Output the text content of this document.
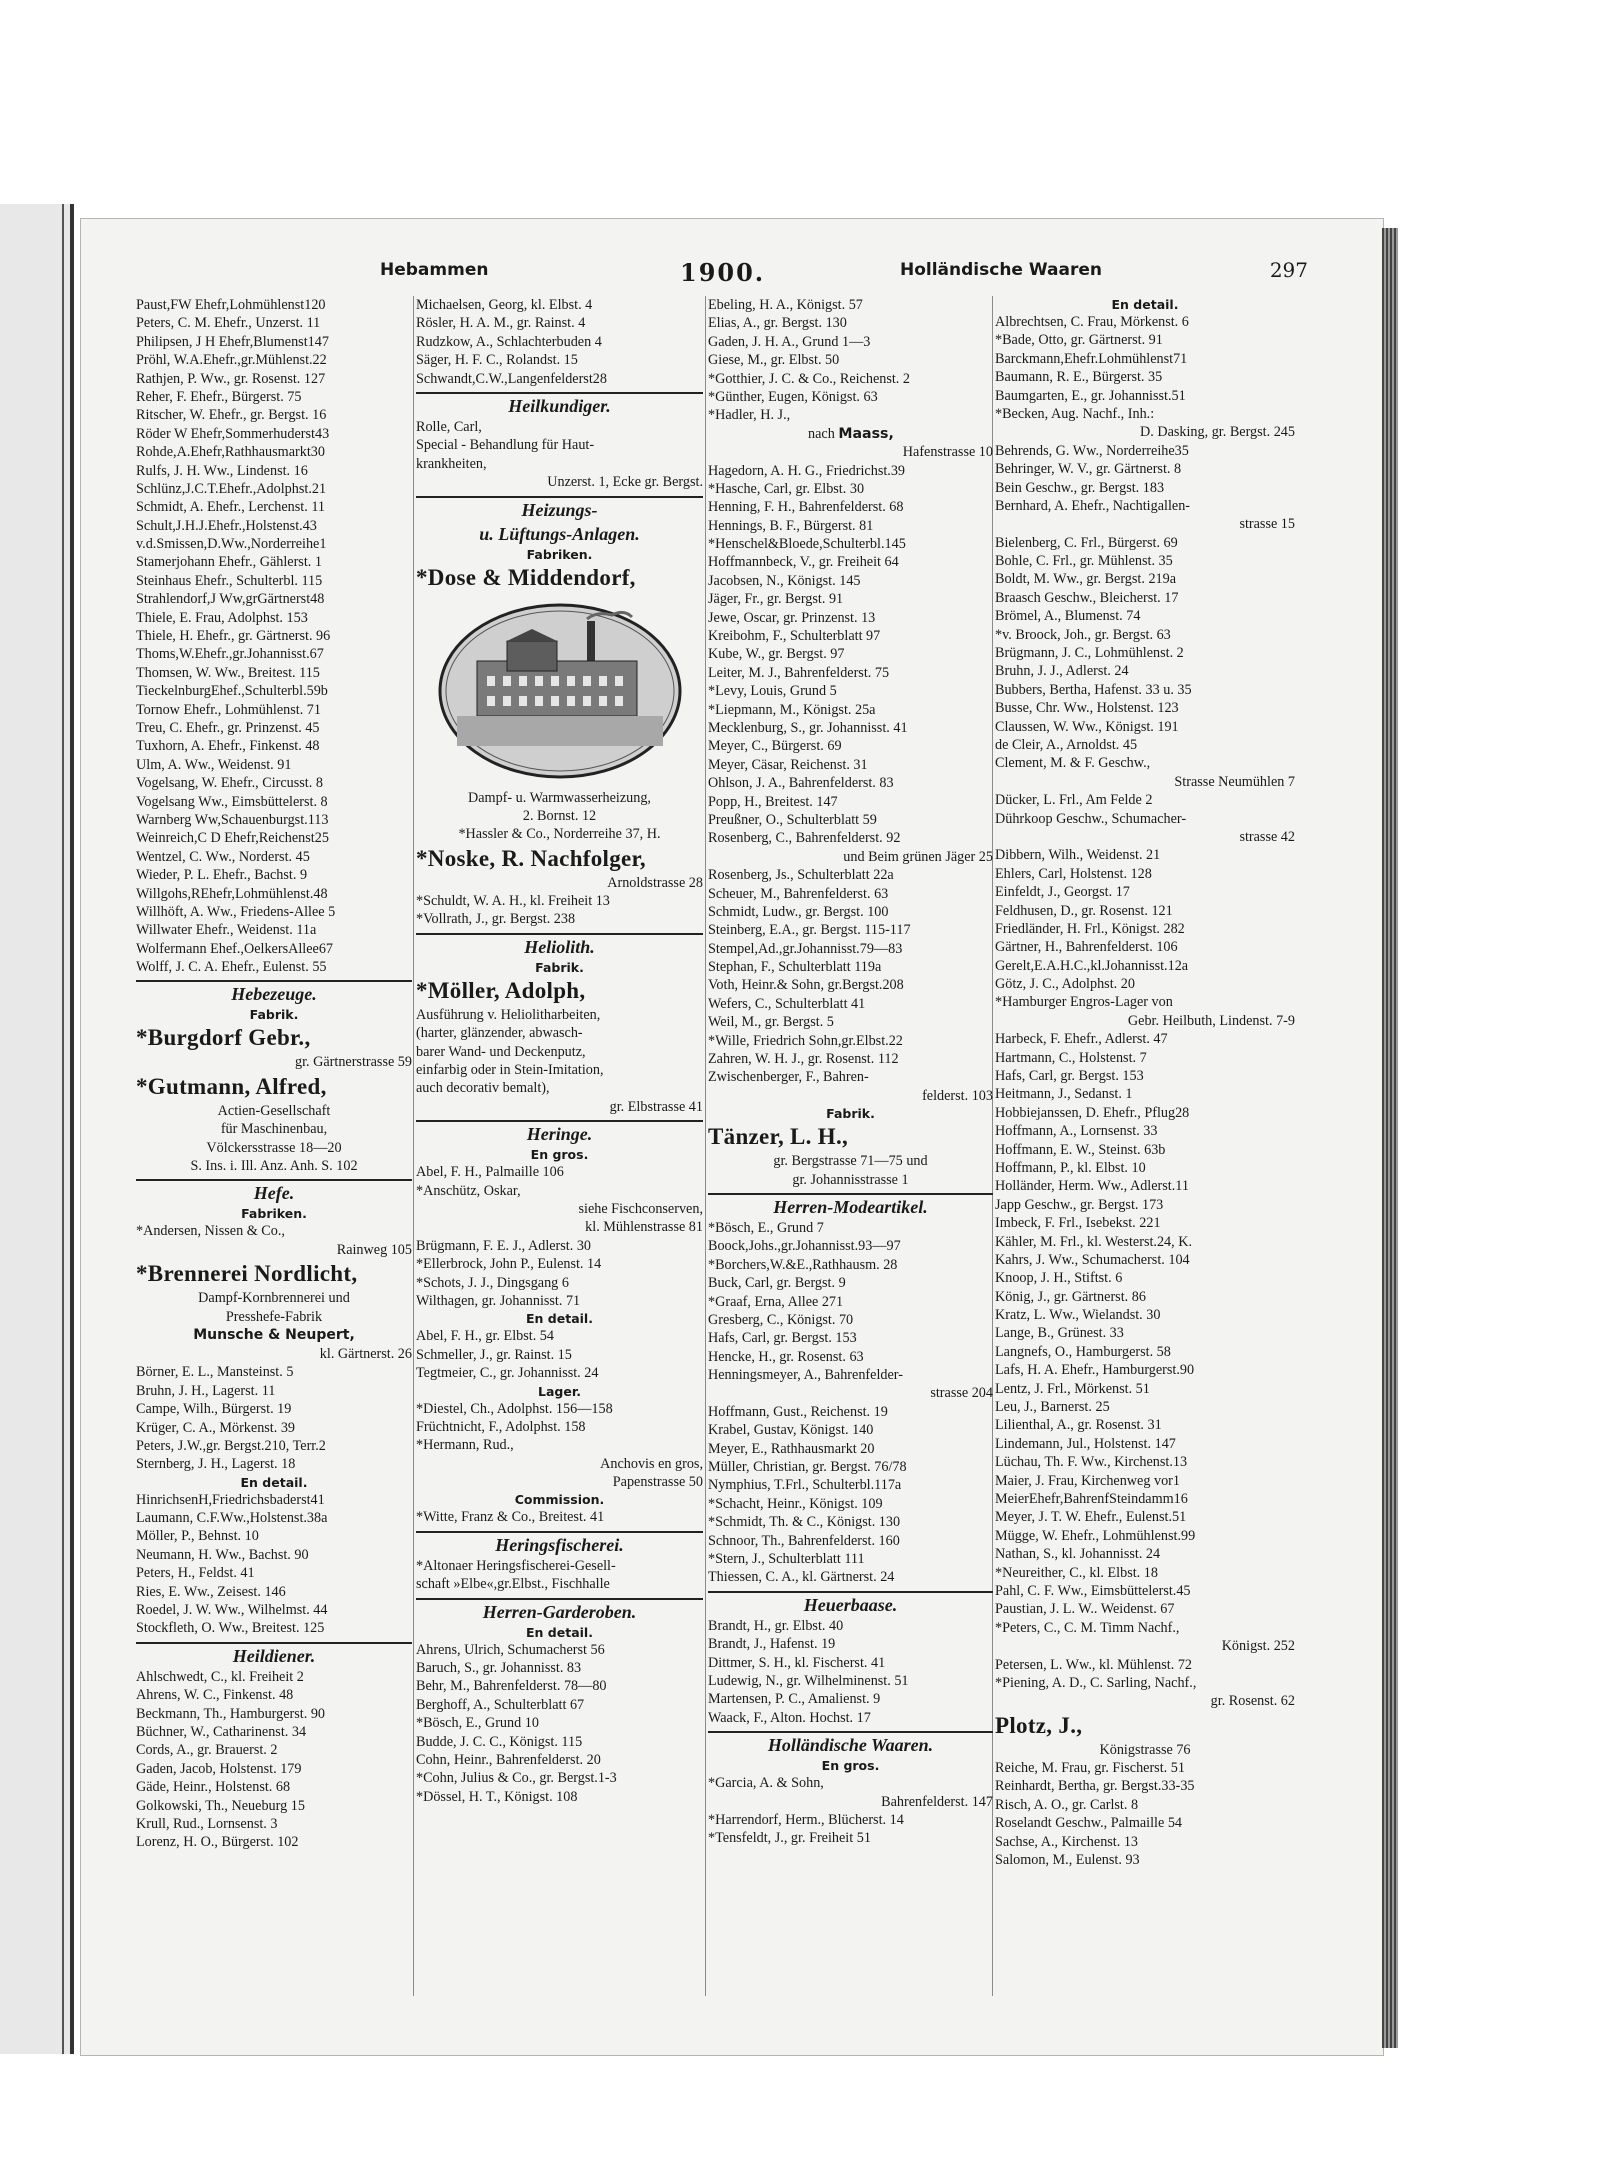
Hebammen	1900.	Holländische Waaren	297
Paust,FW Ehefr,Lohmühlenst120
Peters, C. M. Ehefr., Unzerst. 11
Philipsen, J H Ehefr,Blumenst147
Pröhl, W.A.Ehefr.,gr.Mühlenst.22
Rathjen, P. Ww., gr. Rosenst. 127
Reher, F. Ehefr., Bürgerst. 75
Ritscher, W. Ehefr., gr. Bergst. 16
Röder W Ehefr,Sommerhuderst43
Rohde,A.Ehefr,Rathhausmarkt30
Rulfs, J. H. Ww., Lindenst. 16
Schlünz,J.C.T.Ehefr.,Adolphst.21
Schmidt, A. Ehefr., Lerchenst. 11
Schult,J.H.J.Ehefr.,Holstenst.43
v.d.Smissen,D.Ww.,Norderreihe1
Stamerjohann Ehefr., Gählerst. 1
Steinhaus Ehefr., Schulterbl. 115
Strahlendorf,J Ww,grGärtnerst48
Thiele, E. Frau, Adolphst. 153
Thiele, H. Ehefr., gr. Gärtnerst. 96
Thoms,W.Ehefr.,gr.Johannisst.67
Thomsen, W. Ww., Breitest. 115
TieckelnburgEhef.,Schulterbl.59b
Tornow Ehefr., Lohmühlenst. 71
Treu, C. Ehefr., gr. Prinzenst. 45
Tuxhorn, A. Ehefr., Finkenst. 48
Ulm, A. Ww., Weidenst. 91
Vogelsang, W. Ehefr., Circusst. 8
Vogelsang Ww., Eimsbüttelerst. 8
Warnberg Ww,Schauenburgst.113
Weinreich,C D Ehefr,Reichenst25
Wentzel, C. Ww., Norderst. 45
Wieder, P. L. Ehefr., Bachst. 9
Willgohs,REhefr,Lohmühlenst.48
Willhöft, A. Ww., Friedens-Allee 5
Willwater Ehefr., Weidenst. 11a
Wolfermann Ehef.,OelkersAllee67
Wolff, J. C. A. Ehefr., Eulenst. 55
Hebezeuge.
Fabrik.
*Burgdorf Gebr.,
gr. Gärtnerstrasse 59
*Gutmann, Alfred,
Actien-Gesellschaft
für Maschinenbau,
Völckersstrasse 18—20
S. Ins. i. Ill. Anz. Anh. S. 102
Hefe.
Fabriken.
*Andersen, Nissen & Co.,
Rainweg 105
*Brennerei Nordlicht,
Dampf-Kornbrennerei und
Presshefe-Fabrik
Munsche & Neupert,
kl. Gärtnerst. 26
Börner, E. L., Mansteinst. 5
Bruhn, J. H., Lagerst. 11
Campe, Wilh., Bürgerst. 19
Krüger, C. A., Mörkenst. 39
Peters, J.W.,gr. Bergst.210, Terr.2
Sternberg, J. H., Lagerst. 18
En detail.
HinrichsenH,Friedrichsbaderst41
Laumann, C.F.Ww.,Holstenst.38a
Möller, P., Behnst. 10
Neumann, H. Ww., Bachst. 90
Peters, H., Feldst. 41
Ries, E. Ww., Zeisest. 146
Roedel, J. W. Ww., Wilhelmst. 44
Stockfleth, O. Ww., Breitest. 125
Heildiener.
Ahlschwedt, C., kl. Freiheit 2
Ahrens, W. C., Finkenst. 48
Beckmann, Th., Hamburgerst. 90
Büchner, W., Catharinenst. 34
Cords, A., gr. Brauerst. 2
Gaden, Jacob, Holstenst. 179
Gäde, Heinr., Holstenst. 68
Golkowski, Th., Neueburg 15
Krull, Rud., Lornsenst. 3
Lorenz, H. O., Bürgerst. 102
Michaelsen, Georg, kl. Elbst. 4
Rösler, H. A. M., gr. Rainst. 4
Rudzkow, A., Schlachterbuden 4
Säger, H. F. C., Rolandst. 15
Schwandt,C.W.,Langenfelderst28
Heilkundiger.
Rolle, Carl,
Special - Behandlung für Haut-
krankheiten,
Unzerst. 1, Ecke gr. Bergst.
Heizungs-
u. Lüftungs-Anlagen.
Fabriken.
*Dose & Middendorf,
Dampf- u. Warmwasserheizung,
2. Bornst. 12
*Hassler & Co., Norderreihe 37, H.
*Noske, R. Nachfolger,
Arnoldstrasse 28
*Schuldt, W. A. H., kl. Freiheit 13
*Vollrath, J., gr. Bergst. 238
Heliolith.
Fabrik.
*Möller, Adolph,
Ausführung v. Heliolitharbeiten,
(harter, glänzender, abwasch-
barer Wand- und Deckenputz,
einfarbig oder in Stein-Imitation,
auch decorativ bemalt),
gr. Elbstrasse 41
Heringe.
En gros.
Abel, F. H., Palmaille 106
*Anschütz, Oskar,
siehe Fischconserven,
kl. Mühlenstrasse 81
Brügmann, F. E. J., Adlerst. 30
*Ellerbrock, John P., Eulenst. 14
*Schots, J. J., Dingsgang 6
Wilthagen, gr. Johannisst. 71
En detail.
Abel, F. H., gr. Elbst. 54
Schmeller, J., gr. Rainst. 15
Tegtmeier, C., gr. Johannisst. 24
Lager.
*Diestel, Ch., Adolphst. 156—158
Früchtnicht, F., Adolphst. 158
*Hermann, Rud.,
Anchovis en gros,
Papenstrasse 50
Commission.
*Witte, Franz & Co., Breitest. 41
Heringsfischerei.
*Altonaer Heringsfischerei-Gesell-
schaft »Elbe«,gr.Elbst., Fischhalle
Herren-Garderoben.
En detail.
Ahrens, Ulrich, Schumacherst 56
Baruch, S., gr. Johannisst. 83
Behr, M., Bahrenfelderst. 78—80
Berghoff, A., Schulterblatt 67
*Bösch, E., Grund 10
Budde, J. C. C., Königst. 115
Cohn, Heinr., Bahrenfelderst. 20
*Cohn, Julius & Co., gr. Bergst.1-3
*Dössel, H. T., Königst. 108
Ebeling, H. A., Königst. 57
Elias, A., gr. Bergst. 130
Gaden, J. H. A., Grund 1—3
Giese, M., gr. Elbst. 50
*Gotthier, J. C. & Co., Reichenst. 2
*Günther, Eugen, Königst. 63
*Hadler, H. J.,
nach Maass,
Hafenstrasse 10
Hagedorn, A. H. G., Friedrichst.39
*Hasche, Carl, gr. Elbst. 30
Henning, F. H., Bahrenfelderst. 68
Hennings, B. F., Bürgerst. 81
*Henschel&Bloede,Schulterbl.145
Hoffmannbeck, V., gr. Freiheit 64
Jacobsen, N., Königst. 145
Jäger, Fr., gr. Bergst. 91
Jewe, Oscar, gr. Prinzenst. 13
Kreibohm, F., Schulterblatt 97
Kube, W., gr. Bergst. 97
Leiter, M. J., Bahrenfelderst. 75
*Levy, Louis, Grund 5
*Liepmann, M., Königst. 25a
Mecklenburg, S., gr. Johannisst. 41
Meyer, C., Bürgerst. 69
Meyer, Cäsar, Reichenst. 31
Ohlson, J. A., Bahrenfelderst. 83
Popp, H., Breitest. 147
Preußner, O., Schulterblatt 59
Rosenberg, C., Bahrenfelderst. 92
und Beim grünen Jäger 25
Rosenberg, Js., Schulterblatt 22a
Scheuer, M., Bahrenfelderst. 63
Schmidt, Ludw., gr. Bergst. 100
Steinberg, E.A., gr. Bergst. 115-117
Stempel,Ad.,gr.Johannisst.79—83
Stephan, F., Schulterblatt 119a
Voth, Heinr.& Sohn, gr.Bergst.208
Wefers, C., Schulterblatt 41
Weil, M., gr. Bergst. 5
*Wille, Friedrich Sohn,gr.Elbst.22
Zahren, W. H. J., gr. Rosenst. 112
Zwischenberger, F., Bahren-
felderst. 103
Fabrik.
Tänzer, L. H.,
gr. Bergstrasse 71—75 und
gr. Johannisstrasse 1
Herren-Modeartikel.
*Bösch, E., Grund 7
Boock,Johs.,gr.Johannisst.93—97
*Borchers,W.&E.,Rathhausm. 28
Buck, Carl, gr. Bergst. 9
*Graaf, Erna, Allee 271
Gresberg, C., Königst. 70
Hafs, Carl, gr. Bergst. 153
Hencke, H., gr. Rosenst. 63
Henningsmeyer, A., Bahrenfelder-
strasse 204
Hoffmann, Gust., Reichenst. 19
Krabel, Gustav, Königst. 140
Meyer, E., Rathhausmarkt 20
Müller, Christian, gr. Bergst. 76/78
Nymphius, T.Frl., Schulterbl.117a
*Schacht, Heinr., Königst. 109
*Schmidt, Th. & C., Königst. 130
Schnoor, Th., Bahrenfelderst. 160
*Stern, J., Schulterblatt 111
Thiessen, C. A., kl. Gärtnerst. 24
Heuerbaase.
Brandt, H., gr. Elbst. 40
Brandt, J., Hafenst. 19
Dittmer, S. H., kl. Fischerst. 41
Ludewig, N., gr. Wilhelminenst. 51
Martensen, P. C., Amalienst. 9
Waack, F., Alton. Hochst. 17
Holländische Waaren.
En gros.
*Garcia, A. & Sohn,
Bahrenfelderst. 147
*Harrendorf, Herm., Blücherst. 14
*Tensfeldt, J., gr. Freiheit 51
En detail.
Albrechtsen, C. Frau, Mörkenst. 6
*Bade, Otto, gr. Gärtnerst. 91
Barckmann,Ehefr.Lohmühlenst71
Baumann, R. E., Bürgerst. 35
Baumgarten, E., gr. Johannisst.51
*Becken, Aug. Nachf., Inh.:
D. Dasking, gr. Bergst. 245
Behrends, G. Ww., Norderreihe35
Behringer, W. V., gr. Gärtnerst. 8
Bein Geschw., gr. Bergst. 183
Bernhard, A. Ehefr., Nachtigallen-
strasse 15
Bielenberg, C. Frl., Bürgerst. 69
Bohle, C. Frl., gr. Mühlenst. 35
Boldt, M. Ww., gr. Bergst. 219a
Braasch Geschw., Bleicherst. 17
Brömel, A., Blumenst. 74
*v. Broock, Joh., gr. Bergst. 63
Brügmann, J. C., Lohmühlenst. 2
Bruhn, J. J., Adlerst. 24
Bubbers, Bertha, Hafenst. 33 u. 35
Busse, Chr. Ww., Holstenst. 123
Claussen, W. Ww., Königst. 191
de Cleir, A., Arnoldst. 45
Clement, M. & F. Geschw.,
Strasse Neumühlen 7
Dücker, L. Frl., Am Felde 2
Dührkoop Geschw., Schumacher-
strasse 42
Dibbern, Wilh., Weidenst. 21
Ehlers, Carl, Holstenst. 128
Einfeldt, J., Georgst. 17
Feldhusen, D., gr. Rosenst. 121
Friedländer, H. Frl., Königst. 282
Gärtner, H., Bahrenfelderst. 106
Gerelt,E.A.H.C.,kl.Johannisst.12a
Götz, J. C., Adolphst. 20
*Hamburger Engros-Lager von
Gebr. Heilbuth, Lindenst. 7-9
Harbeck, F. Ehefr., Adlerst. 47
Hartmann, C., Holstenst. 7
Hafs, Carl, gr. Bergst. 153
Heitmann, J., Sedanst. 1
Hobbiejanssen, D. Ehefr., Pflug28
Hoffmann, A., Lornsenst. 33
Hoffmann, E. W., Steinst. 63b
Hoffmann, P., kl. Elbst. 10
Holländer, Herm. Ww., Adlerst.11
Japp Geschw., gr. Bergst. 173
Imbeck, F. Frl., Isebekst. 221
Kähler, M. Frl., kl. Westerst.24, K.
Kahrs, J. Ww., Schumacherst. 104
Knoop, J. H., Stiftst. 6
König, J., gr. Gärtnerst. 86
Kratz, L. Ww., Wielandst. 30
Lange, B., Grünest. 33
Langnefs, O., Hamburgerst. 58
Lafs, H. A. Ehefr., Hamburgerst.90
Lentz, J. Frl., Mörkenst. 51
Leu, J., Barnerst. 25
Lilienthal, A., gr. Rosenst. 31
Lindemann, Jul., Holstenst. 147
Lüchau, Th. F. Ww., Kirchenst.13
Maier, J. Frau, Kirchenweg vor1
MeierEhefr,BahrenfSteindamm16
Meyer, J. T. W. Ehefr., Eulenst.51
Mügge, W. Ehefr., Lohmühlenst.99
Nathan, S., kl. Johannisst. 24
*Neureither, C., kl. Elbst. 18
Pahl, C. F. Ww., Eimsbüttelerst.45
Paustian, J. L. W.. Weidenst. 67
*Peters, C., C. M. Timm Nachf.,
Königst. 252
Petersen, L. Ww., kl. Mühlenst. 72
*Piening, A. D., C. Sarling, Nachf.,
gr. Rosenst. 62
Plotz, J.,
Königstrasse 76
Reiche, M. Frau, gr. Fischerst. 51
Reinhardt, Bertha, gr. Bergst.33-35
Risch, A. O., gr. Carlst. 8
Roselandt Geschw., Palmaille 54
Sachse, A., Kirchenst. 13
Salomon, M., Eulenst. 93
